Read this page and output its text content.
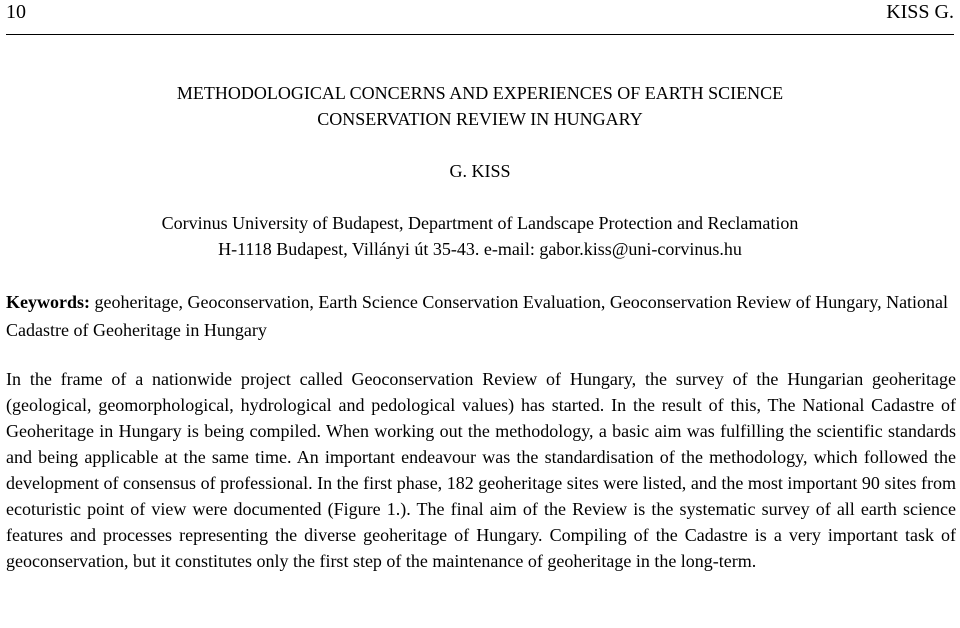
10	KISS G.
METHODOLOGICAL CONCERNS AND EXPERIENCES OF EARTH SCIENCE
CONSERVATION REVIEW IN HUNGARY
G. KISS
Corvinus University of Budapest, Department of Landscape Protection and Reclamation
H-1118 Budapest, Villányi út 35-43. e-mail: gabor.kiss@uni-corvinus.hu
Keywords: geoheritage, Geoconservation, Earth Science Conservation Evaluation, Geoconservation Review of Hungary, National Cadastre of Geoheritage in Hungary
In the frame of a nationwide project called Geoconservation Review of Hungary, the survey of the Hungarian geoheritage (geological, geomorphological, hydrological and pedological values) has started. In the result of this, The National Cadastre of Geoheritage in Hungary is being compiled. When working out the methodology, a basic aim was fulfilling the scientific standards and being applicable at the same time. An important endeavour was the standardisation of the methodology, which followed the development of consensus of professional. In the first phase, 182 geoheritage sites were listed, and the most important 90 sites from ecoturistic point of view were documented (Figure 1.). The final aim of the Review is the systematic survey of all earth science features and processes representing the diverse geoheritage of Hungary. Compiling of the Cadastre is a very important task of geoconservation, but it constitutes only the first step of the maintenance of geoheritage in the long-term.
